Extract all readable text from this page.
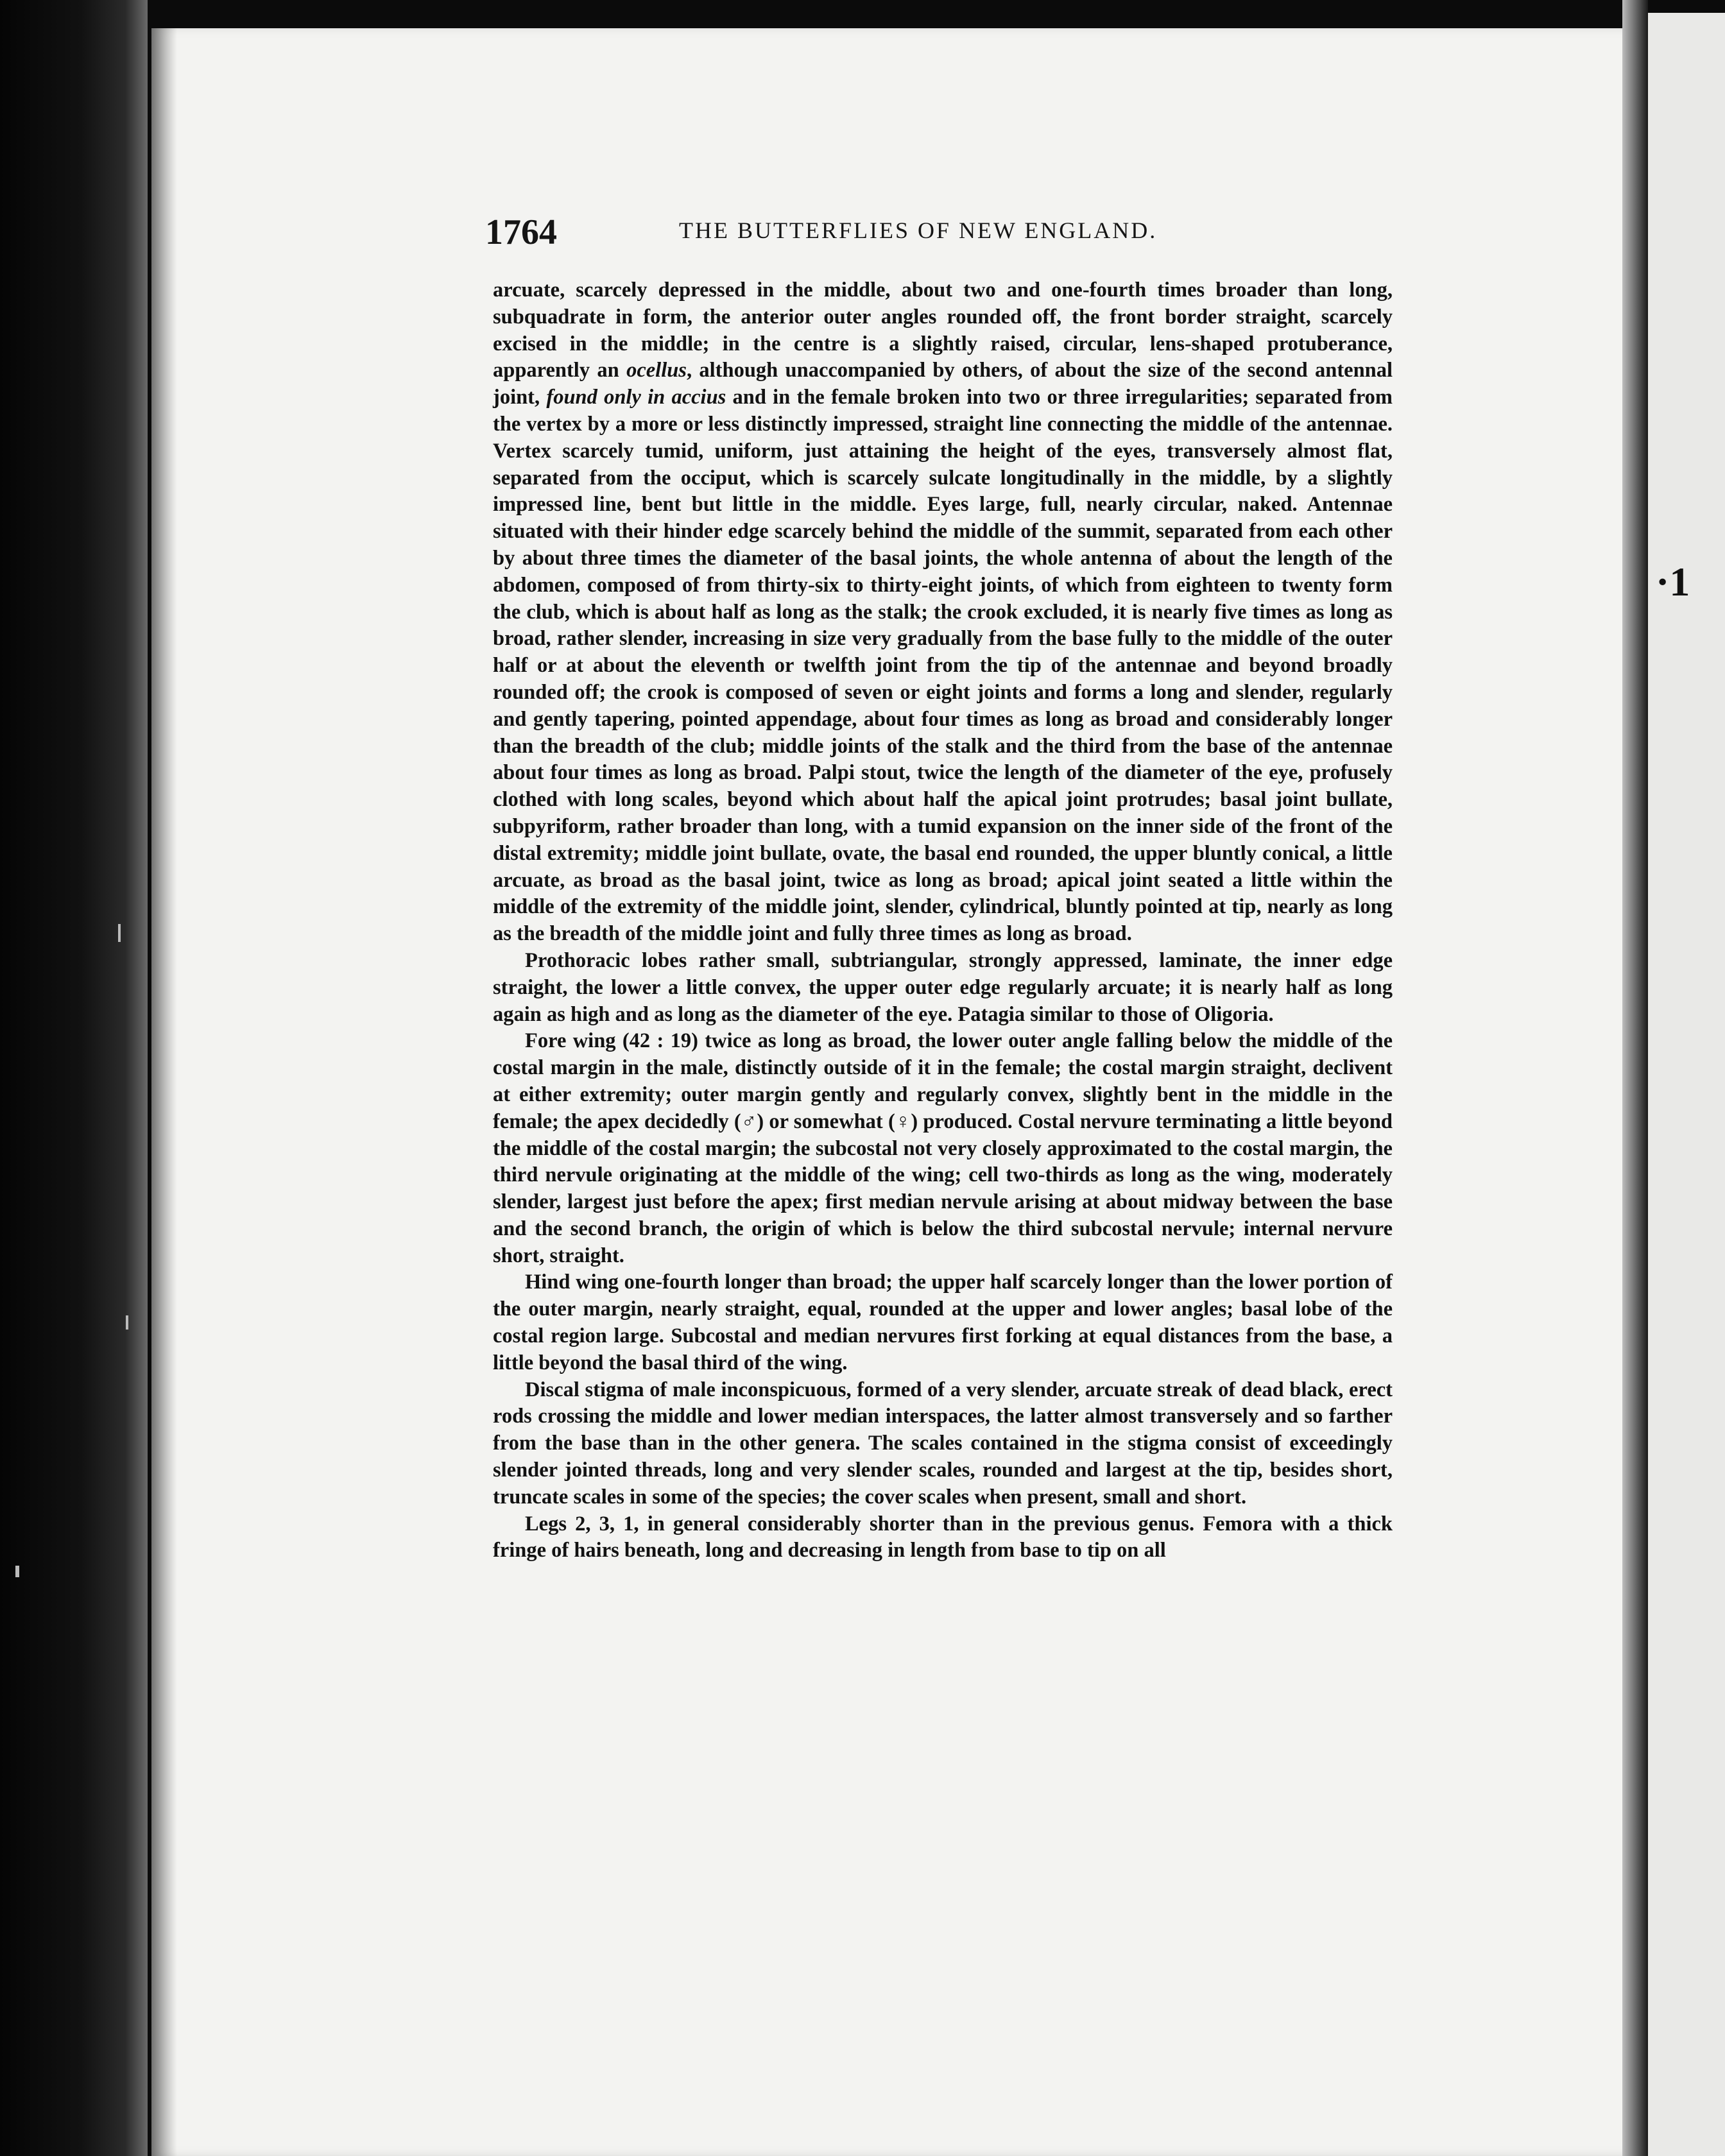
·1
1764	THE BUTTERFLIES OF NEW ENGLAND.

arcuate, scarcely depressed in the middle, about two and one-fourth times broader than long, subquadrate in form, the anterior outer angles rounded off, the front border straight, scarcely excised in the middle; in the centre is a slightly raised, circular, lens-shaped protuberance, apparently an ocellus, although unaccompanied by others, of about the size of the second antennal joint, found only in accius and in the female broken into two or three irregularities; separated from the vertex by a more or less distinctly impressed, straight line connecting the middle of the antennae. Vertex scarcely tumid, uniform, just attaining the height of the eyes, transversely almost flat, separated from the occiput, which is scarcely sulcate longitudinally in the middle, by a slightly impressed line, bent but little in the middle. Eyes large, full, nearly circular, naked. Antennae situated with their hinder edge scarcely behind the middle of the summit, separated from each other by about three times the diameter of the basal joints, the whole antenna of about the length of the abdomen, composed of from thirty-six to thirty-eight joints, of which from eighteen to twenty form the club, which is about half as long as the stalk; the crook excluded, it is nearly five times as long as broad, rather slender, increasing in size very gradually from the base fully to the middle of the outer half or at about the eleventh or twelfth joint from the tip of the antennae and beyond broadly rounded off; the crook is composed of seven or eight joints and forms a long and slender, regularly and gently tapering, pointed appendage, about four times as long as broad and considerably longer than the breadth of the club; middle joints of the stalk and the third from the base of the antennae about four times as long as broad. Palpi stout, twice the length of the diameter of the eye, profusely clothed with long scales, beyond which about half the apical joint protrudes; basal joint bullate, subpyriform, rather broader than long, with a tumid expansion on the inner side of the front of the distal extremity; middle joint bullate, ovate, the basal end rounded, the upper bluntly conical, a little arcuate, as broad as the basal joint, twice as long as broad; apical joint seated a little within the middle of the extremity of the middle joint, slender, cylindrical, bluntly pointed at tip, nearly as long as the breadth of the middle joint and fully three times as long as broad.

Prothoracic lobes rather small, subtriangular, strongly appressed, laminate, the inner edge straight, the lower a little convex, the upper outer edge regularly arcuate; it is nearly half as long again as high and as long as the diameter of the eye. Patagia similar to those of Oligoria.

Fore wing (42 : 19) twice as long as broad, the lower outer angle falling below the middle of the costal margin in the male, distinctly outside of it in the female; the costal margin straight, declivent at either extremity; outer margin gently and regularly convex, slightly bent in the middle in the female; the apex decidedly (♂) or somewhat (♀) produced. Costal nervure terminating a little beyond the middle of the costal margin; the subcostal not very closely approximated to the costal margin, the third nervule originating at the middle of the wing; cell two-thirds as long as the wing, moderately slender, largest just before the apex; first median nervule arising at about midway between the base and the second branch, the origin of which is below the third subcostal nervule; internal nervure short, straight.

Hind wing one-fourth longer than broad; the upper half scarcely longer than the lower portion of the outer margin, nearly straight, equal, rounded at the upper and lower angles; basal lobe of the costal region large. Subcostal and median nervures first forking at equal distances from the base, a little beyond the basal third of the wing.

Discal stigma of male inconspicuous, formed of a very slender, arcuate streak of dead black, erect rods crossing the middle and lower median interspaces, the latter almost transversely and so farther from the base than in the other genera. The scales contained in the stigma consist of exceedingly slender jointed threads, long and very slender scales, rounded and largest at the tip, besides short, truncate scales in some of the species; the cover scales when present, small and short.

Legs 2, 3, 1, in general considerably shorter than in the previous genus. Femora with a thick fringe of hairs beneath, long and decreasing in length from base to tip on all
